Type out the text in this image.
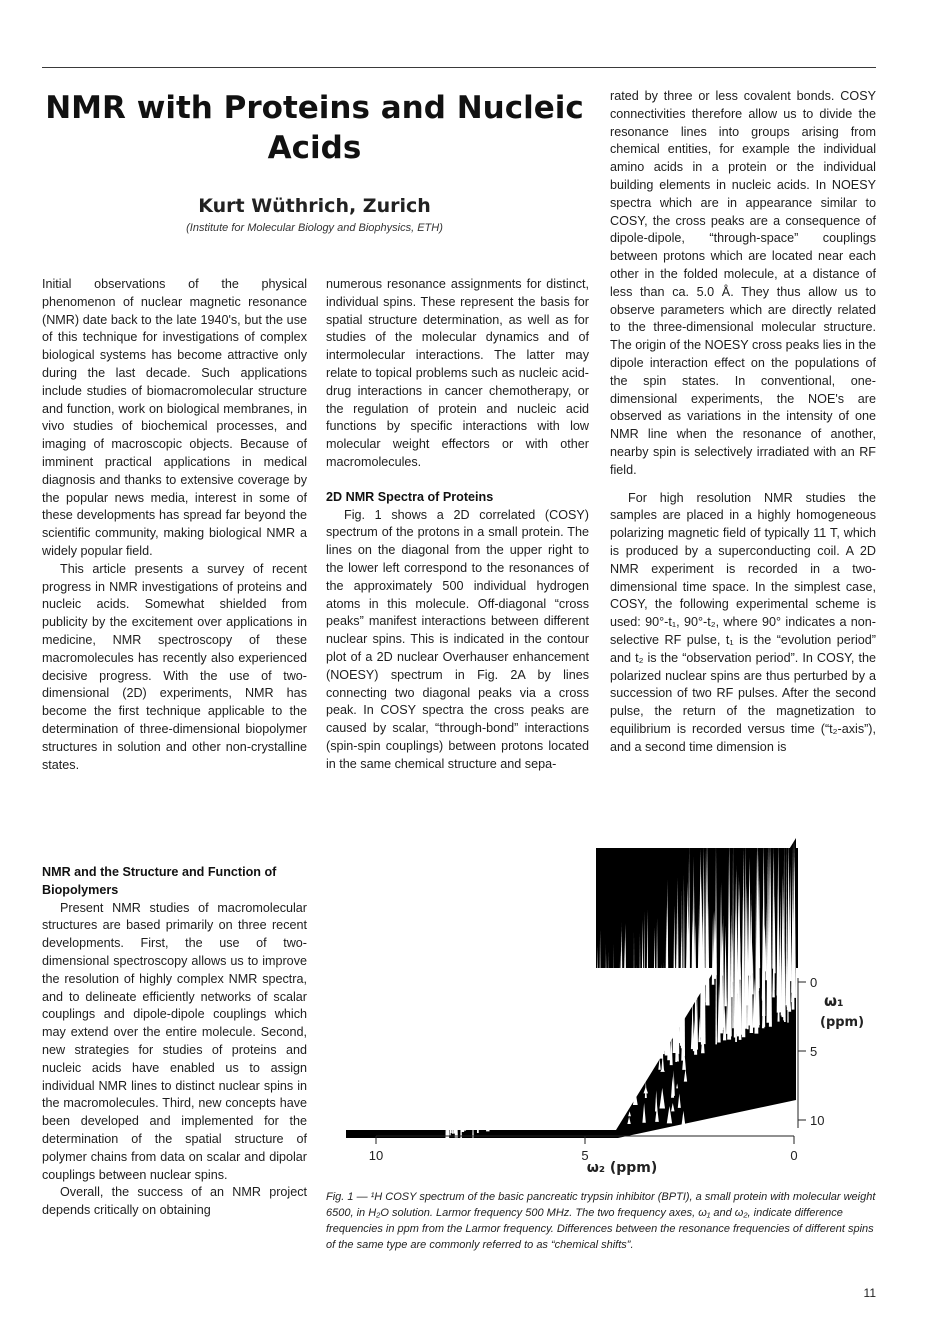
NMR with Proteins and Nucleic Acids
Kurt Wüthrich, Zurich

(Institute for Molecular Biology and Biophysics, ETH)

Initial observations of the physical phenomenon of nuclear magnetic resonance (NMR) date back to the late 1940's, but the use of this technique for investigations of complex biological systems has become attractive only during the last decade. Such applications include studies of biomacromolecular structure and function, work on biological membranes, in vivo studies of biochemical processes, and imaging of macroscopic objects. Because of imminent practical applications in medical diagnosis and thanks to extensive coverage by the popular news media, interest in some of these developments has spread far beyond the scientific community, making biological NMR a widely popular field.

This article presents a survey of recent progress in NMR investigations of proteins and nucleic acids. Somewhat shielded from publicity by the excitement over applications in medicine, NMR spectroscopy of these macromolecules has recently also experienced decisive progress. With the use of two-dimensional (2D) experiments, NMR has become the first technique applicable to the determination of three-dimensional biopolymer structures in solution and other non-crystalline states.

NMR and the Structure and Function of Biopolymers

Present NMR studies of macromolecular structures are based primarily on three recent developments. First, the use of two-dimensional spectroscopy allows us to improve the resolution of highly complex NMR spectra, and to delineate efficiently networks of scalar couplings and dipole-dipole couplings which may extend over the entire molecule. Second, new strategies for studies of proteins and nucleic acids have enabled us to assign individual NMR lines to distinct nuclear spins in the macromolecules. Third, new concepts have been developed and implemented for the determination of the spatial structure of polymer chains from data on scalar and dipolar couplings between nuclear spins.

Overall, the success of an NMR project depends critically on obtaining

numerous resonance assignments for distinct, individual spins. These represent the basis for spatial structure determination, as well as for studies of the molecular dynamics and of intermolecular interactions. The latter may relate to topical problems such as nucleic acid-drug interactions in cancer chemotherapy, or the regulation of protein and nucleic acid functions by specific interactions with low molecular weight effectors or with other macromolecules.

2D NMR Spectra of Proteins

Fig. 1 shows a 2D correlated (COSY) spectrum of the protons in a small protein. The lines on the diagonal from the upper right to the lower left correspond to the resonances of the approximately 500 individual hydrogen atoms in this molecule. Off-diagonal “cross peaks” manifest interactions between different nuclear spins. This is indicated in the contour plot of a 2D nuclear Overhauser enhancement (NOESY) spectrum in Fig. 2A by lines connecting two diagonal peaks via a cross peak. In COSY spectra the cross peaks are caused by scalar, “through-bond” interactions (spin-spin couplings) between protons located in the same chemical structure and sepa-

rated by three or less covalent bonds. COSY connectivities therefore allow us to divide the resonance lines into groups arising from chemical entities, for example the individual amino acids in a protein or the individual building elements in nucleic acids. In NOESY spectra which are in appearance similar to COSY, the cross peaks are a consequence of dipole-dipole, “through-space” couplings between protons which are located near each other in the folded molecule, at a distance of less than ca. 5.0 Å. They thus allow us to observe parameters which are directly related to the three-dimensional molecular structure. The origin of the NOESY cross peaks lies in the dipole interaction effect on the populations of the spin states. In conventional, one-dimensional experiments, the NOE's are observed as variations in the intensity of one NMR line when the resonance of another, nearby spin is selectively irradiated with an RF field.

For high resolution NMR studies the samples are placed in a highly homogeneous polarizing magnetic field of typically 11 T, which is produced by a superconducting coil. A 2D NMR experiment is recorded in a two-dimensional time space. In the simplest case, COSY, the following experimental scheme is used: 90°-t₁, 90°-t₂, where 90° indicates a non-selective RF pulse, t₁ is the “evolution period” and t₂ is the “observation period”. In COSY, the polarized nuclear spins are thus perturbed by a succession of two RF pulses. After the second pulse, the return of the magnetization to equilibrium is recorded versus time (“t₂-axis”), and a second time dimension is

10	5	0
ω₂ (ppm)
0
5
10
ω₁
(ppm)

Fig. 1 — ¹H COSY spectrum of the basic pancreatic trypsin inhibitor (BPTI), a small protein with molecular weight 6500, in H₂O solution. Larmor frequency 500 MHz. The two frequency axes, ω₁ and ω₂, indicate difference frequencies in ppm from the Larmor frequency. Differences between the resonance frequencies of different spins of the same type are commonly referred to as “chemical shifts”.

11
